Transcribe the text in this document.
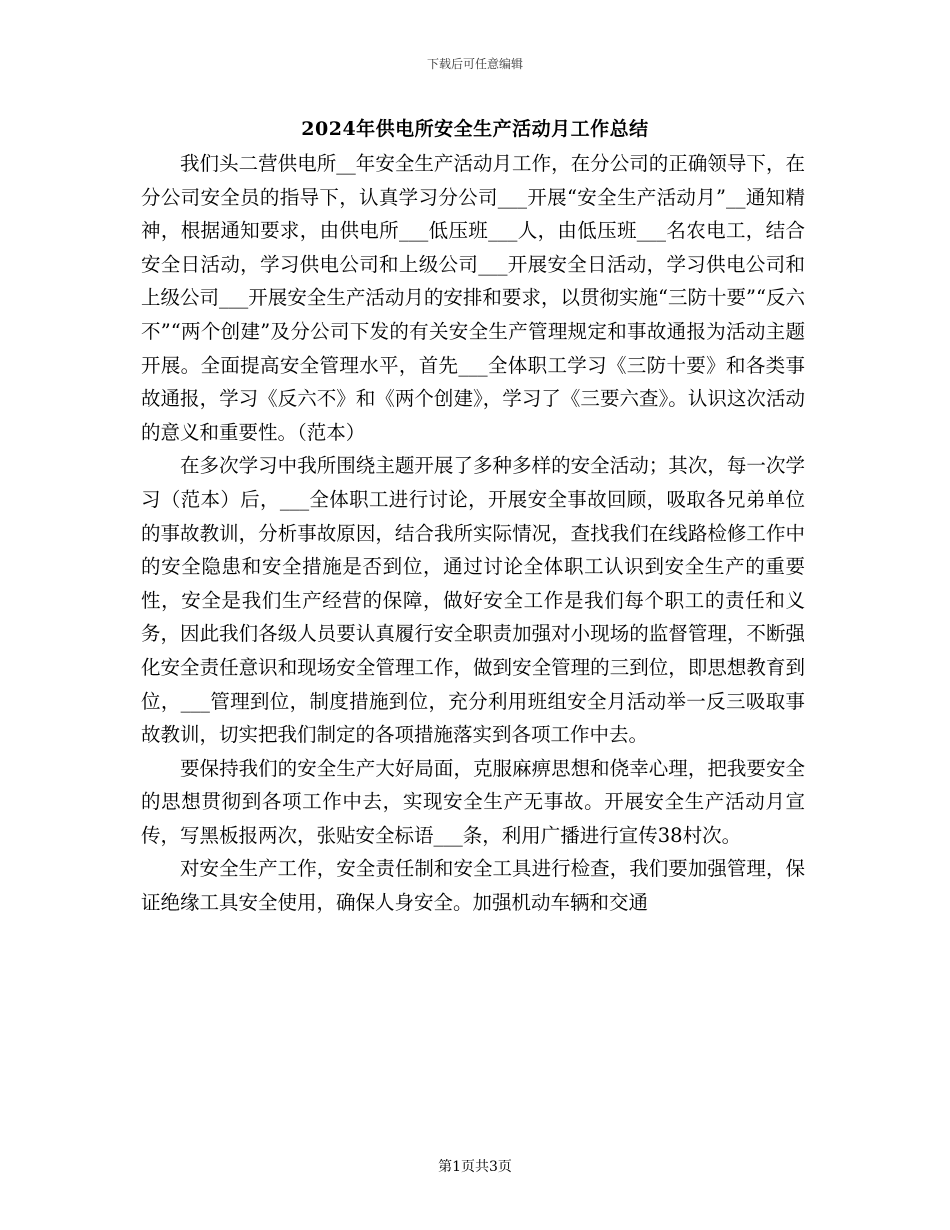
下载后可任意编辑
2024年供电所安全生产活动月工作总结

我们头二营供电所__年安全生产活动月工作，在分公司的正确领导下，在分公司安全员的指导下，认真学习分公司___开展“安全生产活动月”__通知精神，根据通知要求，由供电所___低压班___人，由低压班___名农电工，结合安全日活动，学习供电公司和上级公司___开展安全日活动，学习供电公司和上级公司___开展安全生产活动月的安排和要求，以贯彻实施“三防十要”“反六不”“两个创建”及分公司下发的有关安全生产管理规定和事故通报为活动主题开展。全面提高安全管理水平，首先___全体职工学习《三防十要》和各类事故通报，学习《反六不》和《两个创建》，学习了《三要六查》。认识这次活动的意义和重要性。（范本）

在多次学习中我所围绕主题开展了多种多样的安全活动；其次，每一次学习（范本）后，___全体职工进行讨论，开展安全事故回顾，吸取各兄弟单位的事故教训，分析事故原因，结合我所实际情况，查找我们在线路检修工作中的安全隐患和安全措施是否到位，通过讨论全体职工认识到安全生产的重要性，安全是我们生产经营的保障，做好安全工作是我们每个职工的责任和义务，因此我们各级人员要认真履行安全职责加强对小现场的监督管理，不断强化安全责任意识和现场安全管理工作，做到安全管理的三到位，即思想教育到位，___管理到位，制度措施到位，充分利用班组安全月活动举一反三吸取事故教训，切实把我们制定的各项措施落实到各项工作中去。

要保持我们的安全生产大好局面，克服麻痹思想和侥幸心理，把我要安全的思想贯彻到各项工作中去，实现安全生产无事故。开展安全生产活动月宣传，写黑板报两次，张贴安全标语___条，利用广播进行宣传38村次。

对安全生产工作，安全责任制和安全工具进行检查，我们要加强管理，保证绝缘工具安全使用，确保人身安全。加强机动车辆和交通

第1页共3页
